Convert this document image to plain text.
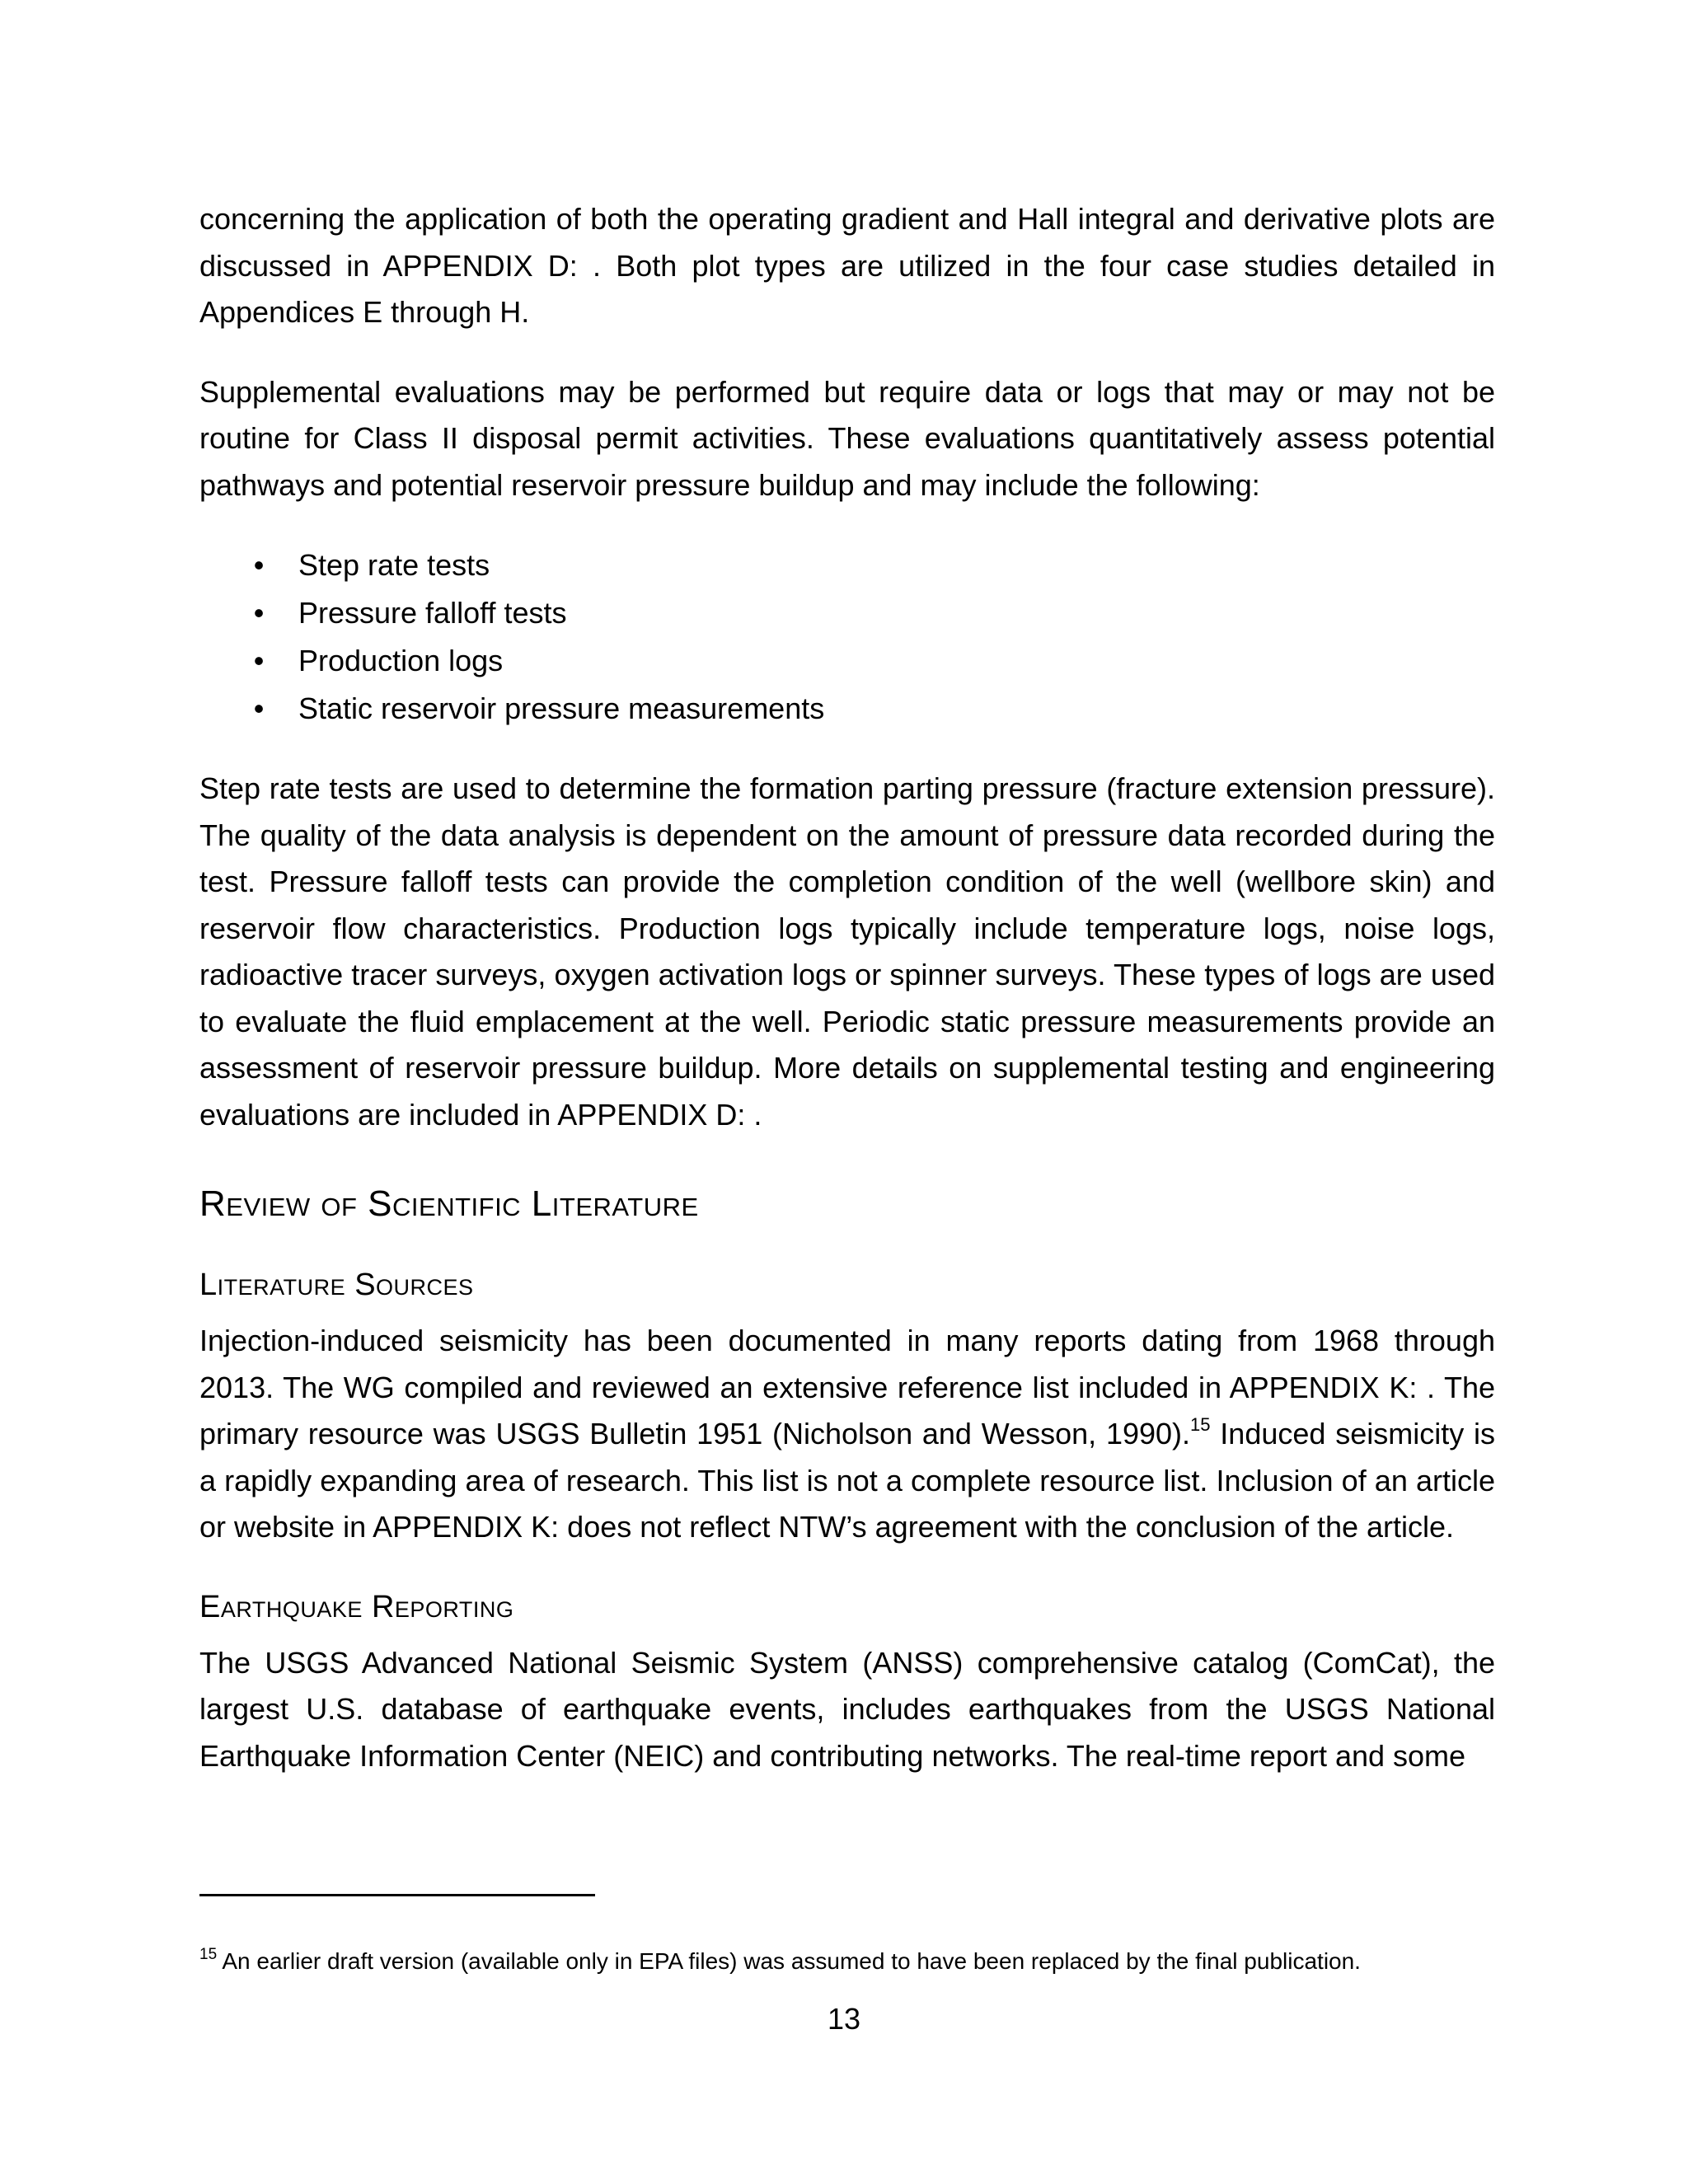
concerning the application of both the operating gradient and Hall integral and derivative plots are discussed in APPENDIX D: . Both plot types are utilized in the four case studies detailed in Appendices E through H.

Supplemental evaluations may be performed but require data or logs that may or may not be routine for Class II disposal permit activities. These evaluations quantitatively assess potential pathways and potential reservoir pressure buildup and may include the following:

• Step rate tests
• Pressure falloff tests
• Production logs
• Static reservoir pressure measurements

Step rate tests are used to determine the formation parting pressure (fracture extension pressure). The quality of the data analysis is dependent on the amount of pressure data recorded during the test. Pressure falloff tests can provide the completion condition of the well (wellbore skin) and reservoir flow characteristics. Production logs typically include temperature logs, noise logs, radioactive tracer surveys, oxygen activation logs or spinner surveys. These types of logs are used to evaluate the fluid emplacement at the well. Periodic static pressure measurements provide an assessment of reservoir pressure buildup. More details on supplemental testing and engineering evaluations are included in APPENDIX D: .

Review of Scientific Literature
Literature Sources

Injection-induced seismicity has been documented in many reports dating from 1968 through 2013. The WG compiled and reviewed an extensive reference list included in APPENDIX K: . The primary resource was USGS Bulletin 1951 (Nicholson and Wesson, 1990).$^{15}$ Induced seismicity is a rapidly expanding area of research. This list is not a complete resource list. Inclusion of an article or website in APPENDIX K: does not reflect NTW’s agreement with the conclusion of the article.

Earthquake Reporting

The USGS Advanced National Seismic System (ANSS) comprehensive catalog (ComCat), the largest U.S. database of earthquake events, includes earthquakes from the USGS National Earthquake Information Center (NEIC) and contributing networks. The real-time report and some

$^{15}$ An earlier draft version (available only in EPA files) was assumed to have been replaced by the final publication.
13
